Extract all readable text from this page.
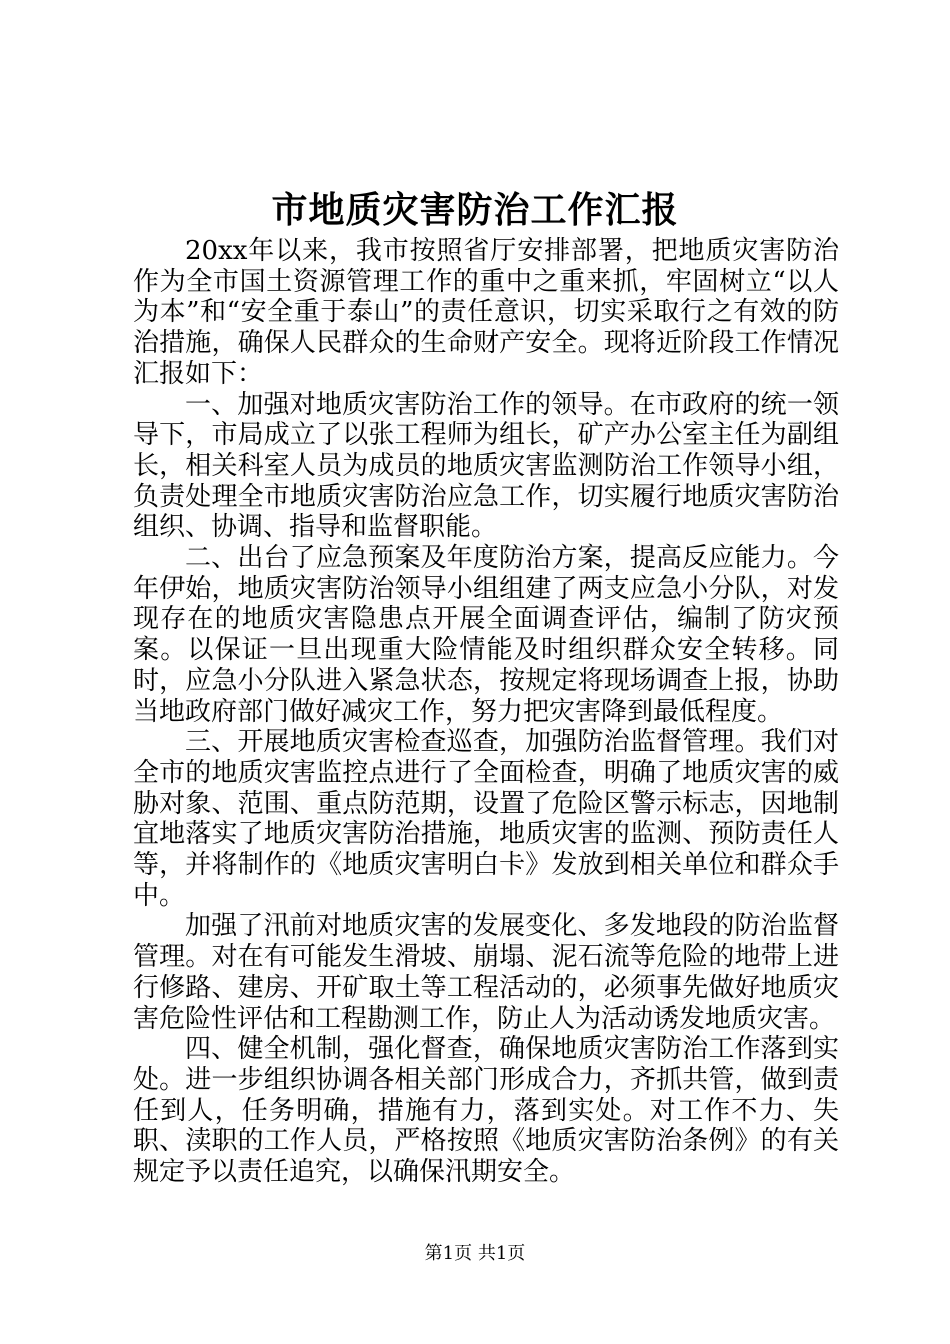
市地质灾害防治工作汇报

20xx年以来，我市按照省厅安排部署，把地质灾害防治作为全市国土资源管理工作的重中之重来抓，牢固树立“以人为本”和“安全重于泰山”的责任意识，切实采取行之有效的防治措施，确保人民群众的生命财产安全。现将近阶段工作情况汇报如下：

一、加强对地质灾害防治工作的领导。在市政府的统一领导下，市局成立了以张工程师为组长，矿产办公室主任为副组长，相关科室人员为成员的地质灾害监测防治工作领导小组，负责处理全市地质灾害防治应急工作，切实履行地质灾害防治组织、协调、指导和监督职能。

二、出台了应急预案及年度防治方案，提高反应能力。今年伊始，地质灾害防治领导小组组建了两支应急小分队，对发现存在的地质灾害隐患点开展全面调查评估，编制了防灾预案。以保证一旦出现重大险情能及时组织群众安全转移。同时，应急小分队进入紧急状态，按规定将现场调查上报，协助当地政府部门做好减灾工作，努力把灾害降到最低程度。

三、开展地质灾害检查巡查，加强防治监督管理。我们对全市的地质灾害监控点进行了全面检查，明确了地质灾害的威胁对象、范围、重点防范期，设置了危险区警示标志，因地制宜地落实了地质灾害防治措施，地质灾害的监测、预防责任人等，并将制作的《地质灾害明白卡》发放到相关单位和群众手中。

加强了汛前对地质灾害的发展变化、多发地段的防治监督管理。对在有可能发生滑坡、崩塌、泥石流等危险的地带上进行修路、建房、开矿取土等工程活动的，必须事先做好地质灾害危险性评估和工程勘测工作，防止人为活动诱发地质灾害。

四、健全机制，强化督查，确保地质灾害防治工作落到实处。进一步组织协调各相关部门形成合力，齐抓共管，做到责任到人，任务明确，措施有力，落到实处。对工作不力、失职、渎职的工作人员，严格按照《地质灾害防治条例》的有关规定予以责任追究，以确保汛期安全。

第1页 共1页
